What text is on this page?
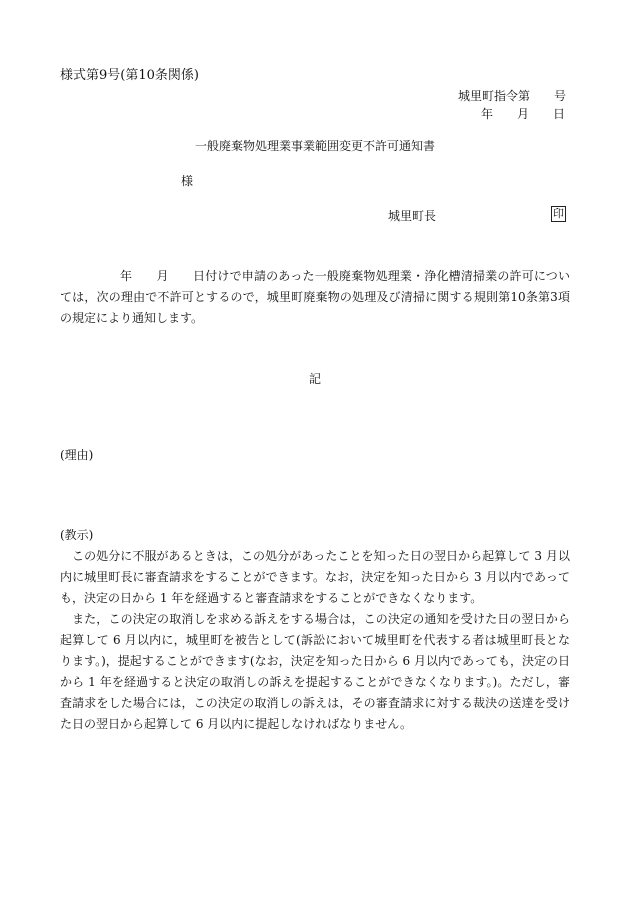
様式第9号(第10条関係)
城里町指令第　　号
年　　月　　日
一般廃棄物処理業事業範囲変更不許可通知書
様
城里町長	印

年　　月　　日付けで申請のあった一般廃棄物処理業・浄化槽清掃業の許可については，次の理由で不許可とするので，城里町廃棄物の処理及び清掃に関する規則第10条第3項の規定により通知します。

記
(理由)
(教示)

この処分に不服があるときは，この処分があったことを知った日の翌日から起算して 3 月以内に城里町長に審査請求をすることができます。なお，決定を知った日から 3 月以内であっても，決定の日から 1 年を経過すると審査請求をすることができなくなります。

また，この決定の取消しを求める訴えをする場合は，この決定の通知を受けた日の翌日から起算して 6 月以内に，城里町を被告として(訴訟において城里町を代表する者は城里町長となります。)，提起することができます(なお，決定を知った日から 6 月以内であっても，決定の日から 1 年を経過すると決定の取消しの訴えを提起することができなくなります。)。ただし，審査請求をした場合には，この決定の取消しの訴えは，その審査請求に対する裁決の送達を受けた日の翌日から起算して 6 月以内に提起しなければなりません。
